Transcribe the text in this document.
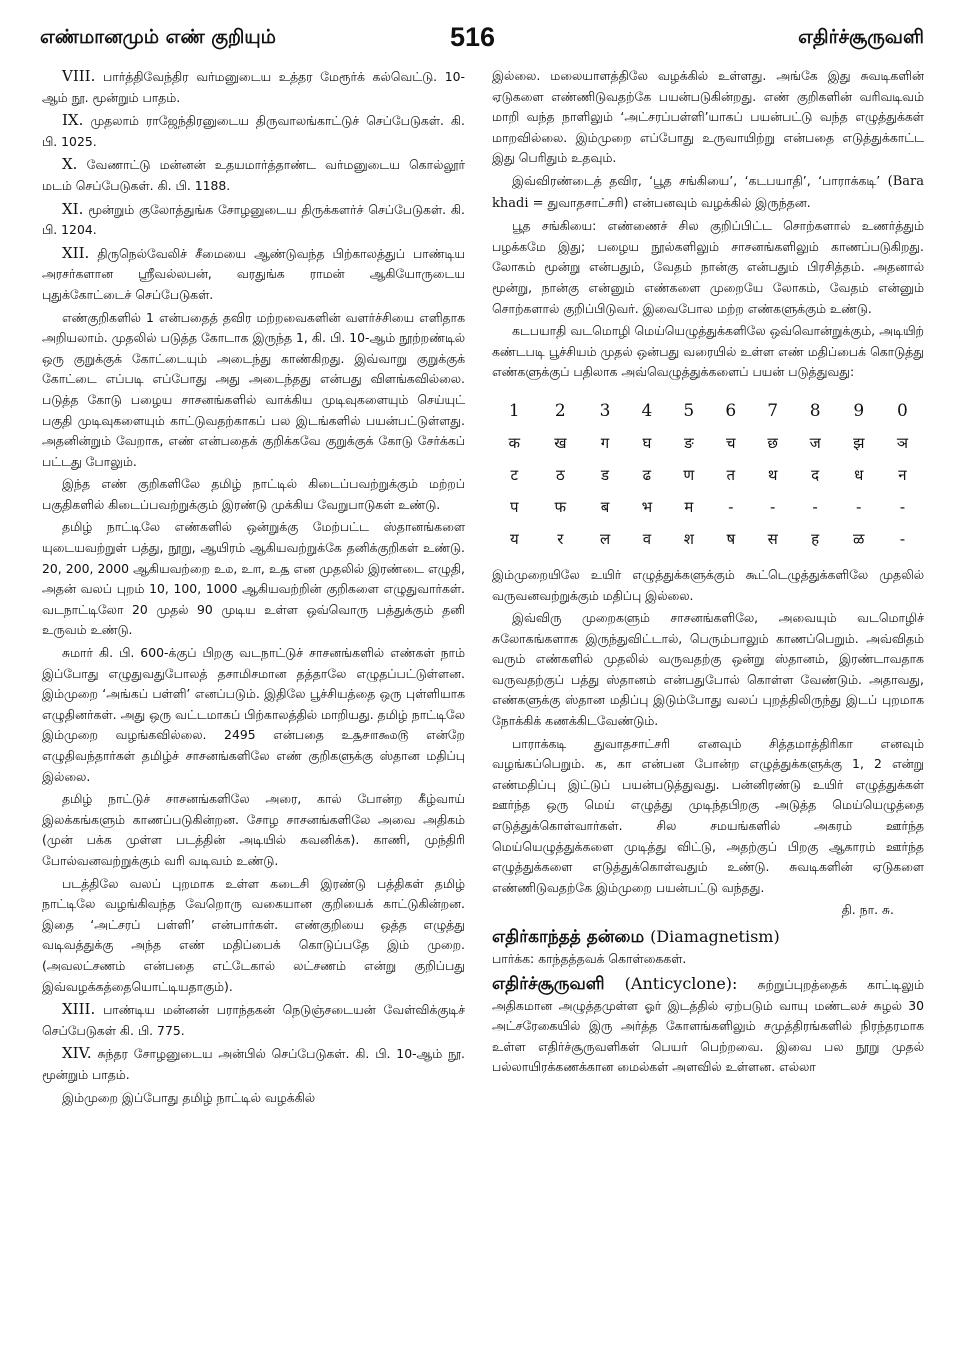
எண்மானமும் எண் குறியும்	516	எதிர்ச்சூருவளி

VIII. பார்த்திவேந்திர வர்மனுடைய உத்தர மேரூர்க் கல்வெட்டு. 10-ஆம் நூ. மூன்றும் பாதம்.

IX. முதலாம் ராஜேந்திரனுடைய திருவாலங்காட்டுச் செப்பேடுகள். கி. பி. 1025.

X. வேணாட்டு மன்னன் உதயமார்த்தாண்ட வர்மனுடைய கொல்லூர் மடம் செப்பேடுகள். கி. பி. 1188.

XI. மூன்றும் குலோத்துங்க சோழனுடைய திருக்களர்ச் செப்பேடுகள். கி. பி. 1204.

XII. திருநெல்வேலிச் சீமையை ஆண்டுவந்த பிற்காலத்துப் பாண்டிய அரசர்களான ஸ்ரீவல்லபன், வரதுங்க ராமன் ஆகியோருடைய புதுக்கோட்டைச் செப்பேடுகள்.

எண்குறிகளில் 1 என்பதைத் தவிர மற்றவைகளின் வளர்ச்சியை எளிதாக அறியலாம். முதலில் படுத்த கோடாக இருந்த 1, கி. பி. 10-ஆம் நூற்றண்டில் ஒரு குறுக்குக் கோட்டையும் அடைந்து காண்கிறது. இவ்வாறு குறுக்குக் கோட்டை எப்படி எப்போது அது அடைந்தது என்பது விளங்கவில்லை. படுத்த கோடு பழைய சாசனங்களில் வாக்கிய முடிவுகளையும் செய்யுட் பகுதி முடிவுகளையும் காட்டுவதற்காகப் பல இடங்களில் பயன்பட்டுள்ளது. அதனின்றும் வேறாக, எண் என்பதைக் குறிக்கவே குறுக்குக் கோடு சேர்க்கப் பட்டது போலும்.

இந்த எண் குறிகளிலே தமிழ் நாட்டில் கிடைப்பவற்றுக்கும் மற்றப் பகுதிகளில் கிடைப்பவற்றுக்கும் இரண்டு முக்கிய வேறுபாடுகள் உண்டு.

தமிழ் நாட்டிலே எண்களில் ஒன்றுக்கு மேற்பட்ட ஸ்தானங்களை யுடையவற்றுள் பத்து, நூறு, ஆயிரம் ஆகியவற்றுக்கே தனிக்குறிகள் உண்டு. 20, 200, 2000 ஆகியவற்றை உ௰, உ௱, உ௲ என முதலில் இரண்டை எழுதி, அதன் வலப் புறம் 10, 100, 1000 ஆகியவற்றின் குறிகளை எழுதுவார்கள். வடநாட்டிலோ 20 முதல் 90 முடிய உள்ள ஒவ்வொரு பத்துக்கும் தனி உருவம் உண்டு.

சுமார் கி. பி. 600-க்குப் பிறகு வடநாட்டுச் சாசனங்களில் எண்கள் நாம் இப்போது எழுதுவதுபோலத் தசாமிசமான தத்தாலே எழுதப்பட்டுள்ளன. இம்முறை ‘அங்கப் பள்ளி’ எனப்படும். இதிலே பூச்சியத்தை ஒரு புள்ளியாக எழுதினர்கள். அது ஒரு வட்டமாகப் பிற்காலத்தில் மாறியது. தமிழ் நாட்டிலே இம்முறை வழங்கவில்லை. 2495 என்பதை உ௲௪௱௯௰௫ என்றே எழுதிவந்தார்கள் தமிழ்ச் சாசனங்களிலே எண் குறிகளுக்கு ஸ்தான மதிப்பு இல்லை.

தமிழ் நாட்டுச் சாசனங்களிலே அரை, கால் போன்ற கீழ்வாய் இலக்கங்களும் காணப்படுகின்றன. சோழ சாசனங்களிலே அவை அதிகம் (முன் பக்க முள்ள படத்தின் அடியில் கவனிக்க). காணி, முந்திரி போல்வனவற்றுக்கும் வரி வடிவம் உண்டு.

படத்திலே வலப் புறமாக உள்ள கடைசி இரண்டு பத்திகள் தமிழ் நாட்டிலே வழங்கிவந்த வேறொரு வகையான குறியைக் காட்டுகின்றன. இதை ‘அட்சரப் பள்ளி’ என்பார்கள். எண்குறியை ஒத்த எழுத்து வடிவத்துக்கு அந்த எண் மதிப்பைக் கொடுப்பதே இம் முறை. (அவலட்சணம் என்பதை எட்டேகால் லட்சணம் என்று குறிப்பது இவ்வழக்கத்தையொட்டியதாகும்).

XIII. பாண்டிய மன்னன் பராந்தகன் நெடுஞ்சடையன் வேள்விக்குடிச் செப்பேடுகள் கி. பி. 775.

XIV. சுந்தர சோழனுடைய அன்பில் செப்பேடுகள். கி. பி. 10-ஆம் நூ. மூன்றும் பாதம்.

இம்முறை இப்போது தமிழ் நாட்டில் வழக்கில்

இல்லை. மலையாளத்திலே வழக்கில் உள்ளது. அங்கே இது சுவடிகளின் ஏடுகளை எண்ணிடுவதற்கே பயன்படுகின்றது. எண் குறிகளின் வரிவடிவம் மாறி வந்த நாளிலும் ‘அட்சரப்பள்ளி’யாகப் பயன்பட்டு வந்த எழுத்துக்கள் மாறவில்லை. இம்முறை எப்போது உருவாயிற்று என்பதை எடுத்துக்காட்ட இது பெரிதும் உதவும்.

இவ்விரண்டைத் தவிர, ‘பூத சங்கியை’, ‘கடபயாதி’, ‘பாராக்கடி’ (Bara khadi = துவாதசாட்சரி) என்பனவும் வழக்கில் இருந்தன.

பூத சங்கியை: எண்ணைச் சில குறிப்பிட்ட சொற்களால் உணர்த்தும் பழக்கமே இது; பழைய நூல்களிலும் சாசனங்களிலும் காணப்படுகிறது. லோகம் மூன்று என்பதும், வேதம் நான்கு என்பதும் பிரசித்தம். அதனால் மூன்று, நான்கு என்னும் எண்களை முறையே லோகம், வேதம் என்னும் சொற்களால் குறிப்பிடுவர். இவைபோல மற்ற எண்களுக்கும் உண்டு.

கடபயாதி வடமொழி மெய்யெழுத்துக்களிலே ஒவ்வொன்றுக்கும், அடியிற் கண்டபடி பூச்சியம் முதல் ஒன்பது வரையில் உள்ள எண் மதிப்பைக் கொடுத்து எண்களுக்குப் பதிலாக அவ்வெழுத்துக்களைப் பயன் படுத்துவது:

1	2	3	4	5	6	7	8	9	0
क	ख	ग	घ	ङ	च	छ	ज	झ	ञ
ट	ठ	ड	ढ	ण	त	थ	द	ध	न
प	फ	ब	भ	म	-	-	-	-	-
य	र	ल	व	श	ष	स	ह	ळ	-

இம்முறையிலே உயிர் எழுத்துக்களுக்கும் கூட்டெழுத்துக்களிலே முதலில் வருவனவற்றுக்கும் மதிப்பு இல்லை.

இவ்விரு முறைகளும் சாசனங்களிலே, அவையும் வடமொழிச் சுலோகங்களாக இருந்துவிட்டால், பெரும்பாலும் காணப்பெறும். அவ்விதம் வரும் எண்களில் முதலில் வருவதற்கு ஒன்று ஸ்தானம், இரண்டாவதாக வருவதற்குப் பத்து ஸ்தானம் என்பதுபோல் கொள்ள வேண்டும். அதாவது, எண்களுக்கு ஸ்தான மதிப்பு இடும்போது வலப் புறத்திலிருந்து இடப் புறமாக நோக்கிக் கணக்கிடவேண்டும்.

பாராக்கடி துவாதசாட்சரி எனவும் சித்தமாத்திரிகா எனவும் வழங்கப்பெறும். க, கா என்பன போன்ற எழுத்துக்களுக்கு 1, 2 என்று எண்மதிப்பு இட்டுப் பயன்படுத்துவது. பன்னிரண்டு உயிர் எழுத்துக்கள் ஊர்ந்த ஒரு மெய் எழுத்து முடிந்தபிறகு அடுத்த மெய்யெழுத்தை எடுத்துக்கொள்வார்கள். சில சமயங்களில் அகரம் ஊர்ந்த மெய்யெழுத்துக்களை முடித்து விட்டு, அதற்குப் பிறகு ஆகாரம் ஊர்ந்த எழுத்துக்களை எடுத்துக்கொள்வதும் உண்டு. சுவடிகளின் ஏடுகளை எண்ணிடுவதற்கே இம்முறை பயன்பட்டு வந்தது.

தி. நா. சு.

எதிர்காந்தத் தன்மை (Diamagnetism)

பார்க்க: காந்தத்தவக் கொள்கைகள்.

எதிர்ச்சூருவளி (Anticyclone): சுற்றுப்புறத்தைக் காட்டிலும் அதிகமான அழுத்தமுள்ள ஓர் இடத்தில் ஏற்படும் வாயு மண்டலச் சுழல் 30 அட்சரேகையில் இரு அர்த்த கோளங்களிலும் சமுத்திரங்களில் நிரந்தரமாக உள்ள எதிர்ச்சூருவளிகள் பெயர் பெற்றவை. இவை பல நூறு முதல் பல்லாயிரக்கணக்கான மைல்கள் அளவில் உள்ளன. எல்லா
